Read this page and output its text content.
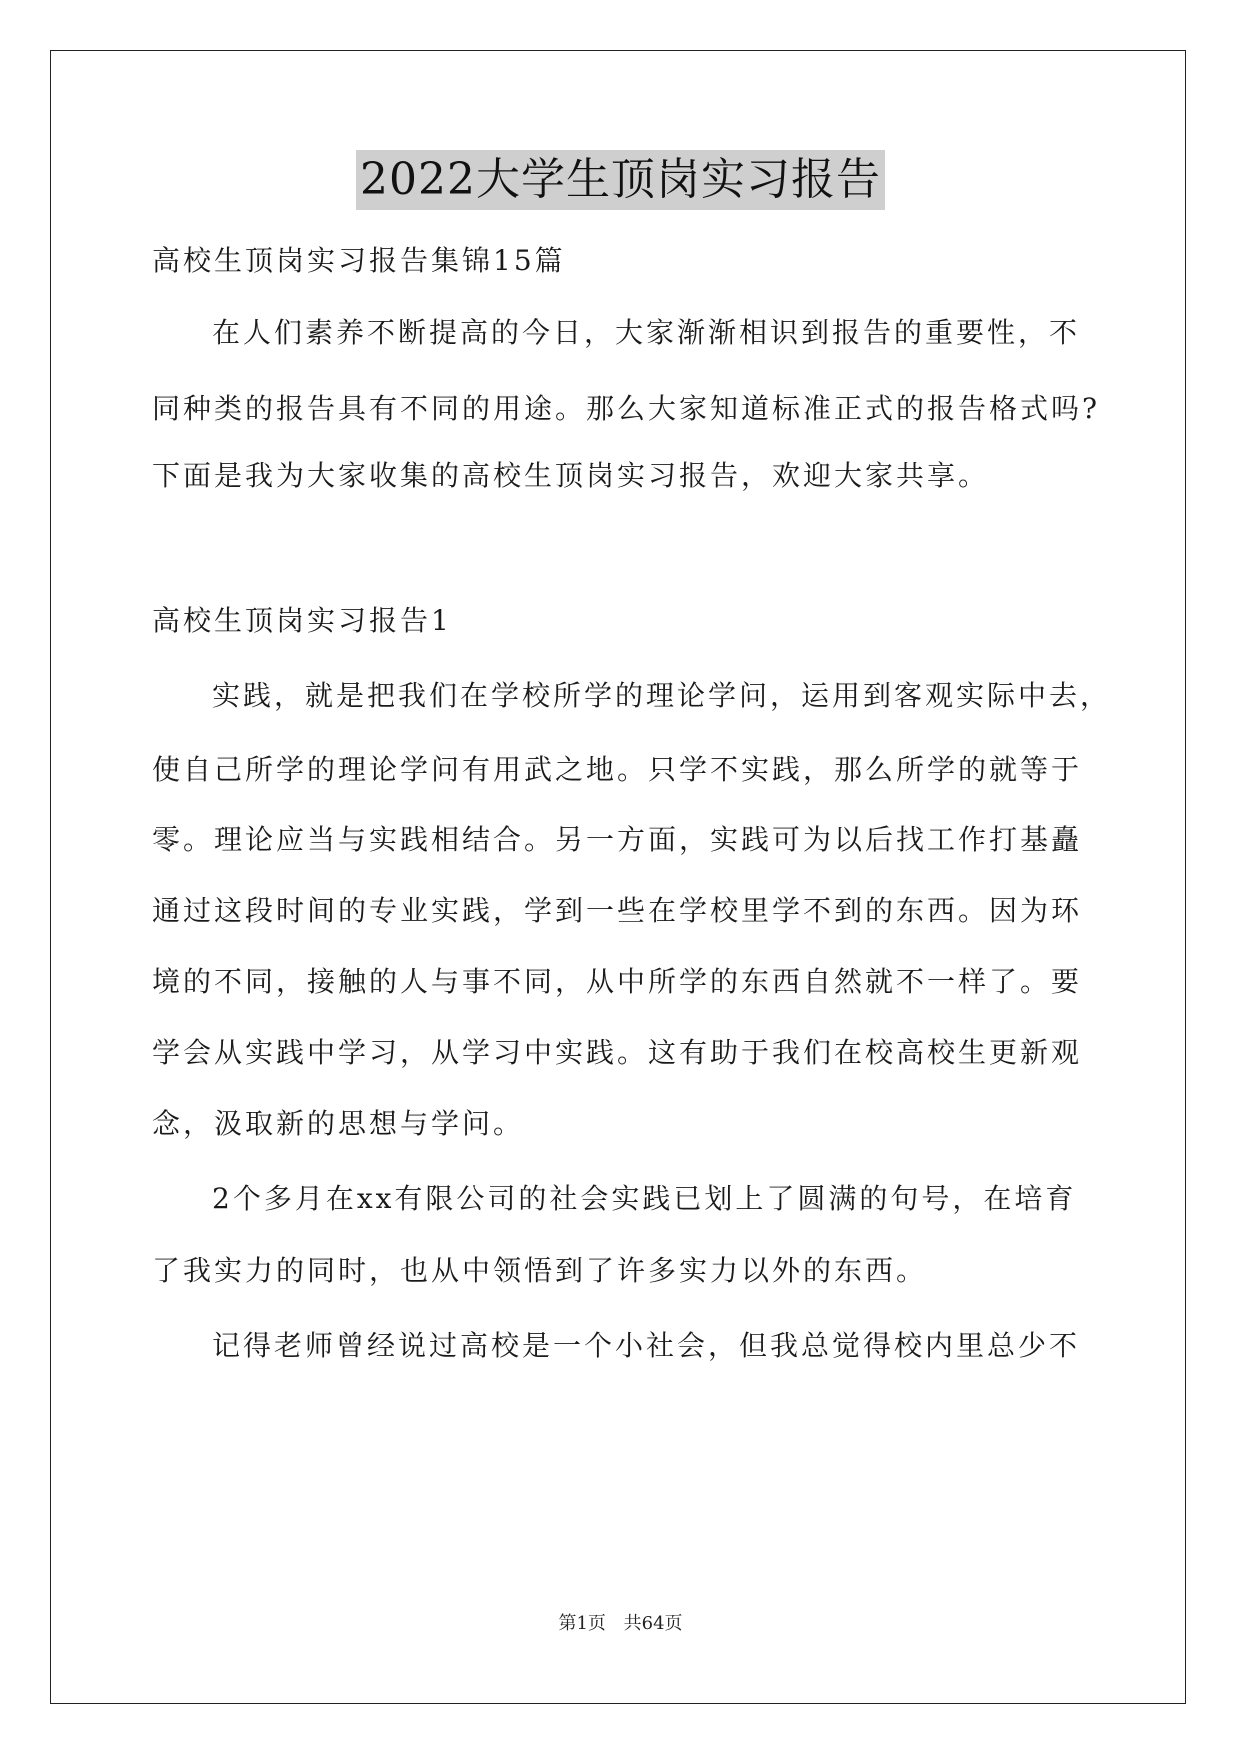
2022大学生顶岗实习报告
高校生顶岗实习报告集锦15篇
在人们素养不断提高的今日，大家渐渐相识到报告的重要性，不
同种类的报告具有不同的用途。那么大家知道标准正式的报告格式吗?
下面是我为大家收集的高校生顶岗实习报告，欢迎大家共享。
高校生顶岗实习报告1
实践，就是把我们在学校所学的理论学问，运用到客观实际中去，
使自己所学的理论学问有用武之地。只学不实践，那么所学的就等于
零。理论应当与实践相结合。另一方面，实践可为以后找工作打基矗
通过这段时间的专业实践，学到一些在学校里学不到的东西。因为环
境的不同，接触的人与事不同，从中所学的东西自然就不一样了。要
学会从实践中学习，从学习中实践。这有助于我们在校高校生更新观
念，汲取新的思想与学问。
2个多月在xx有限公司的社会实践已划上了圆满的句号，在培育
了我实力的同时，也从中领悟到了许多实力以外的东西。
记得老师曾经说过高校是一个小社会，但我总觉得校内里总少不
第1页 共64页
